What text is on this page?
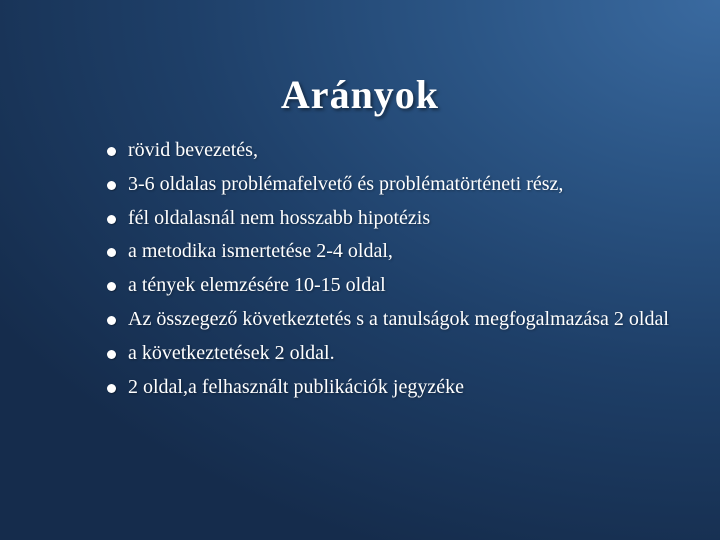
Arányok
rövid bevezetés,
3-6 oldalas problémafelvető és problématörténeti rész,
fél oldalasnál nem hosszabb hipotézis
a metodika ismertetése 2-4 oldal,
a tények elemzésére 10-15 oldal
Az összegező következtetés s a tanulságok megfogalmazása 2 oldal
a következtetések 2 oldal.
2 oldal,a felhasznált publikációk jegyzéke
